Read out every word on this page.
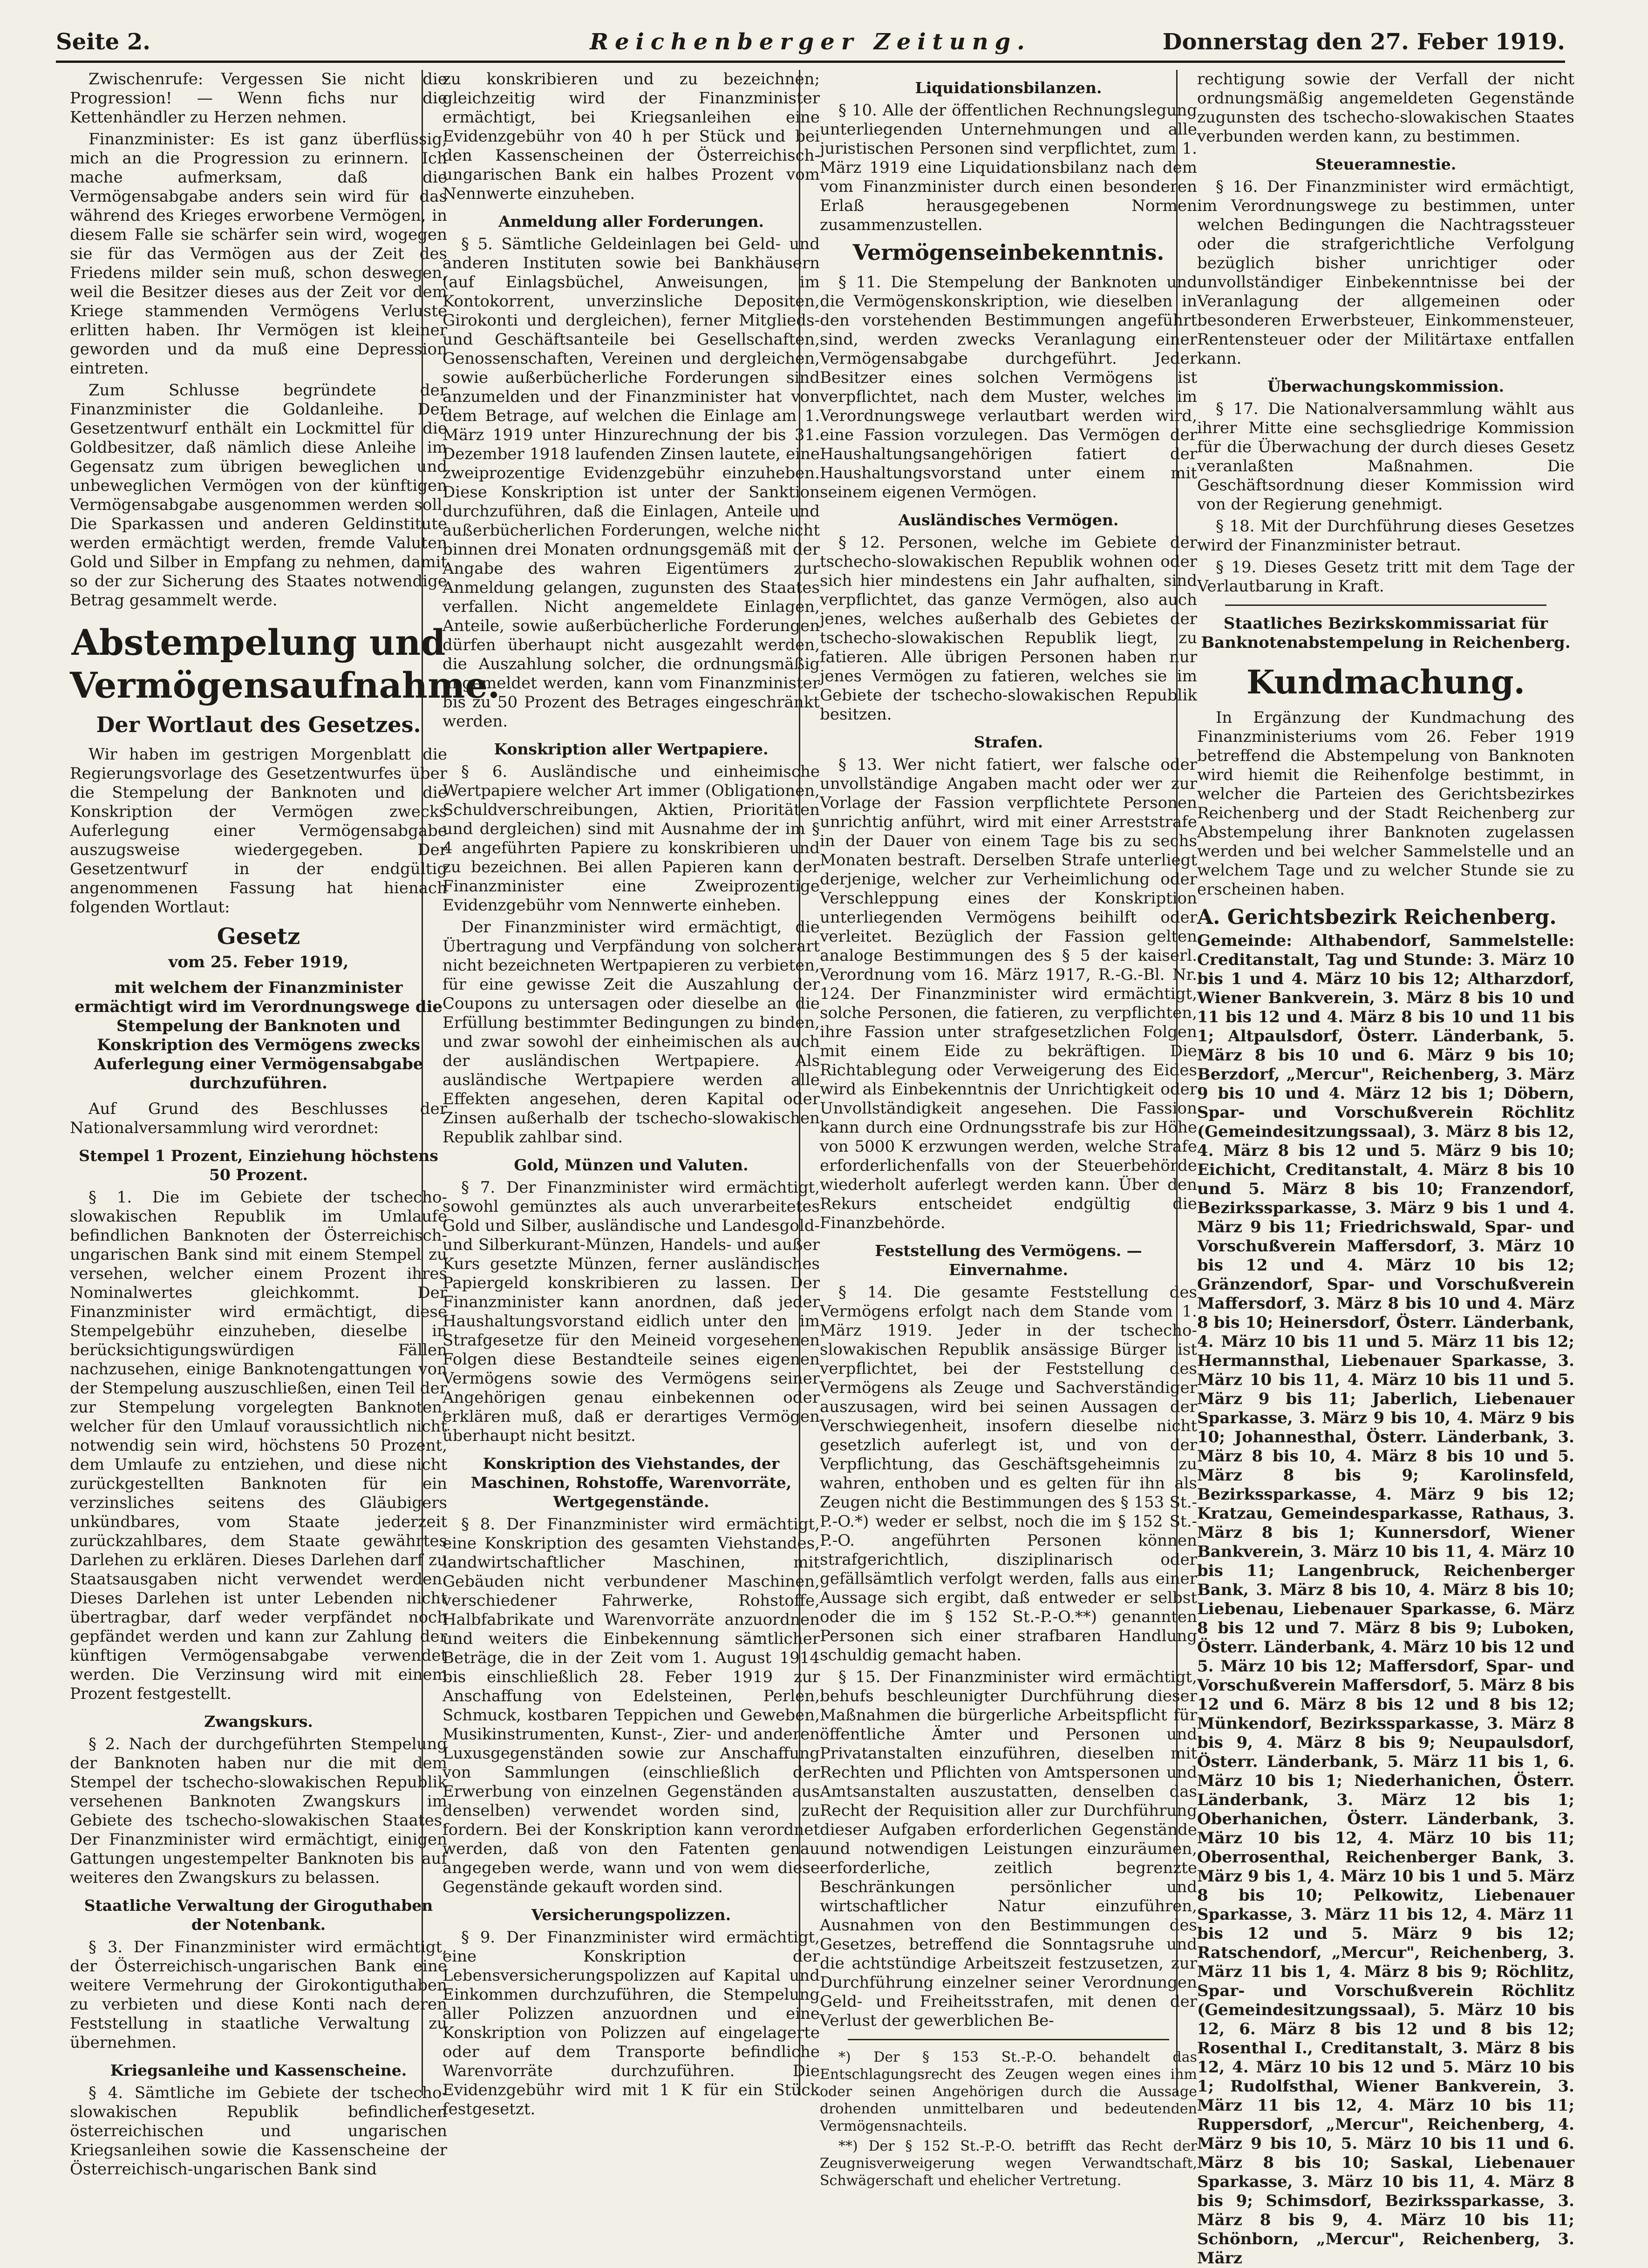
Reichenberger Zeitung.
Seite 2.	Donnerstag den 27. Feber 1919.

Zwischenrufe: Vergessen Sie nicht die Progression! — Wenn fichs nur die Kettenhändler zu Herzen nehmen.

Finanzminister: Es ist ganz überflüssig, mich an die Progression zu erinnern. Ich mache aufmerksam, daß die Vermögensabgabe anders sein wird für das während des Krieges erworbene Vermögen, in diesem Falle sie schärfer sein wird, wogegen sie für das Vermögen aus der Zeit des Friedens milder sein muß, schon deswegen, weil die Besitzer dieses aus der Zeit vor dem Kriege stammenden Vermögens Verluste erlitten haben. Ihr Vermögen ist kleiner geworden und da muß eine Depression eintreten.

Zum Schlusse begründete der Finanzminister die Goldanleihe. Der Gesetzentwurf enthält ein Lockmittel für die Goldbesitzer, daß nämlich diese Anleihe im Gegensatz zum übrigen beweglichen und unbeweglichen Vermögen von der künftigen Vermögensabgabe ausgenommen werden soll. Die Sparkassen und anderen Geldinstitute werden ermächtigt werden, fremde Valuten Gold und Silber in Empfang zu nehmen, damit so der zur Sicherung des Staates notwendige Betrag gesammelt werde.

Abstempelung und Vermögensaufnahme.
Der Wortlaut des Gesetzes.

Wir haben im gestrigen Morgenblatt die Regierungsvorlage des Gesetzentwurfes über die Stempelung der Banknoten und die Konskription der Vermögen zwecks Auferlegung einer Vermögensabgabe auszugsweise wiedergegeben. Der Gesetzentwurf in der endgültig angenommenen Fassung hat hienach folgenden Wortlaut:

Gesetz
vom 25. Feber 1919,

mit welchem der Finanzminister ermächtigt wird im Verordnungswege die Stempelung der Banknoten und Konskription des Vermögens zwecks Auferlegung einer Vermögensabgabe durchzuführen.

Auf Grund des Beschlusses der Nationalversammlung wird verordnet:

Stempel 1 Prozent, Einziehung höchstens 50 Prozent.

§ 1. Die im Gebiete der tschecho-slowakischen Republik im Umlaufe befindlichen Banknoten der Österreichisch-ungarischen Bank sind mit einem Stempel zu versehen, welcher einem Prozent ihres Nominalwertes gleichkommt. Der Finanzminister wird ermächtigt, diese Stempelgebühr einzuheben, dieselbe in berücksichtigungswürdigen Fällen nachzusehen, einige Banknotengattungen von der Stempelung auszuschließen, einen Teil der zur Stempelung vorgelegten Banknoten, welcher für den Umlauf voraussichtlich nicht notwendig sein wird, höchstens 50 Prozent, dem Umlaufe zu entziehen, und diese nicht zurückgestellten Banknoten für ein verzinsliches seitens des Gläubigers unkündbares, vom Staate jederzeit zurückzahlbares, dem Staate gewährtes Darlehen zu erklären. Dieses Darlehen darf zu Staatsausgaben nicht verwendet werden. Dieses Darlehen ist unter Lebenden nicht übertragbar, darf weder verpfändet noch gepfändet werden und kann zur Zahlung der künftigen Vermögensabgabe verwendet werden. Die Verzinsung wird mit einem Prozent festgestellt.

Zwangskurs.

§ 2. Nach der durchgeführten Stempelung der Banknoten haben nur die mit dem Stempel der tschecho-slowakischen Republik versehenen Banknoten Zwangskurs im Gebiete des tschecho-slowakischen Staates. Der Finanzminister wird ermächtigt, einigen Gattungen ungestempelter Banknoten bis auf weiteres den Zwangskurs zu belassen.

Staatliche Verwaltung der Giroguthaben der Notenbank.

§ 3. Der Finanzminister wird ermächtigt, der Österreichisch-ungarischen Bank eine weitere Vermehrung der Girokontiguthaben zu verbieten und diese Konti nach deren Feststellung in staatliche Verwaltung zu übernehmen.

Kriegsanleihe und Kassenscheine.

§ 4. Sämtliche im Gebiete der tschecho-slowakischen Republik befindlichen österreichischen und ungarischen Kriegsanleihen sowie die Kassenscheine der Österreichisch-ungarischen Bank sind

zu konskribieren und zu bezeichnen; gleichzeitig wird der Finanzminister ermächtigt, bei Kriegsanleihen eine Evidenzgebühr von 40 h per Stück und bei den Kassenscheinen der Österreichisch-ungarischen Bank ein halbes Prozent vom Nennwerte einzuheben.

Anmeldung aller Forderungen.

§ 5. Sämtliche Geldeinlagen bei Geld- und anderen Instituten sowie bei Bankhäusern (auf Einlagsbüchel, Anweisungen, im Kontokorrent, unverzinsliche Depositen, Girokonti und dergleichen), ferner Mitglieds- und Geschäftsanteile bei Gesellschaften, Genossenschaften, Vereinen und dergleichen, sowie außerbücherliche Forderungen sind anzumelden und der Finanzminister hat von dem Betrage, auf welchen die Einlage am 1. März 1919 unter Hinzurechnung der bis 31. Dezember 1918 laufenden Zinsen lautete, eine zweiprozentige Evidenzgebühr einzuheben. Diese Konskription ist unter der Sanktion durchzuführen, daß die Einlagen, Anteile und außerbücherlichen Forderungen, welche nicht binnen drei Monaten ordnungsgemäß mit der Angabe des wahren Eigentümers zur Anmeldung gelangen, zugunsten des Staates verfallen. Nicht angemeldete Einlagen, Anteile, sowie außerbücherliche Forderungen dürfen überhaupt nicht ausgezahlt werden, die Auszahlung solcher, die ordnungsmäßig angemeldet werden, kann vom Finanzminister bis zu 50 Prozent des Betrages eingeschränkt werden.

Konskription aller Wertpapiere.

§ 6. Ausländische und einheimische Wertpapiere welcher Art immer (Obligationen, Schuldverschreibungen, Aktien, Prioritäten und dergleichen) sind mit Ausnahme der im § 4 angeführten Papiere zu konskribieren und zu bezeichnen. Bei allen Papieren kann der Finanzminister eine Zweiprozentige Evidenzgebühr vom Nennwerte einheben.

Der Finanzminister wird ermächtigt, die Übertragung und Verpfändung von solcherart nicht bezeichneten Wertpapieren zu verbieten, für eine gewisse Zeit die Auszahlung der Coupons zu untersagen oder dieselbe an die Erfüllung bestimmter Bedingungen zu binden, und zwar sowohl der einheimischen als auch der ausländischen Wertpapiere. Als ausländische Wertpapiere werden alle Effekten angesehen, deren Kapital oder Zinsen außerhalb der tschecho-slowakischen Republik zahlbar sind.

Gold, Münzen und Valuten.

§ 7. Der Finanzminister wird ermächtigt, sowohl gemünztes als auch unverarbeitetes Gold und Silber, ausländische und Landesgold- und Silberkurant-Münzen, Handels- und außer Kurs gesetzte Münzen, ferner ausländisches Papiergeld konskribieren zu lassen. Der Finanzminister kann anordnen, daß jeder Haushaltungsvorstand eidlich unter den im Strafgesetze für den Meineid vorgesehenen Folgen diese Bestandteile seines eigenen Vermögens sowie des Vermögens seiner Angehörigen genau einbekennen oder erklären muß, daß er derartiges Vermögen überhaupt nicht besitzt.

Konskription des Viehstandes, der Maschinen, Rohstoffe, Warenvorräte, Wertgegenstände.

§ 8. Der Finanzminister wird ermächtigt, eine Konskription des gesamten Viehstandes, landwirtschaftlicher Maschinen, mit Gebäuden nicht verbundener Maschinen, verschiedener Fahrwerke, Rohstoffe, Halbfabrikate und Warenvorräte anzuordnen und weiters die Einbekennung sämtlicher Beträge, die in der Zeit vom 1. August 1914 bis einschließlich 28. Feber 1919 zur Anschaffung von Edelsteinen, Perlen, Schmuck, kostbaren Teppichen und Geweben, Musikinstrumenten, Kunst-, Zier- und anderen Luxusgegenständen sowie zur Anschaffung von Sammlungen (einschließlich der Erwerbung von einzelnen Gegenständen aus denselben) verwendet worden sind, zu fordern. Bei der Konskription kann verordnet werden, daß von den Fatenten genau angegeben werde, wann und von wem diese Gegenstände gekauft worden sind.

Versicherungspolizzen.

§ 9. Der Finanzminister wird ermächtigt, eine Konskription der Lebensversicherungspolizzen auf Kapital und Einkommen durchzuführen, die Stempelung aller Polizzen anzuordnen und eine Konskription von Polizzen auf eingelagerte oder auf dem Transporte befindliche Warenvorräte durchzuführen. Die Evidenzgebühr wird mit 1 K für ein Stück festgesetzt.

Liquidationsbilanzen.

§ 10. Alle der öffentlichen Rechnungslegung unterliegenden Unternehmungen und alle juristischen Personen sind verpflichtet, zum 1. März 1919 eine Liquidationsbilanz nach dem vom Finanzminister durch einen besonderen Erlaß herausgegebenen Normen zusammenzustellen.

Vermögenseinbekenntnis.

§ 11. Die Stempelung der Banknoten und die Vermögenskonskription, wie dieselben in den vorstehenden Bestimmungen angeführt sind, werden zwecks Veranlagung einer Vermögensabgabe durchgeführt. Jeder Besitzer eines solchen Vermögens ist verpflichtet, nach dem Muster, welches im Verordnungswege verlautbart werden wird, eine Fassion vorzulegen. Das Vermögen der Haushaltungsangehörigen fatiert der Haushaltungsvorstand unter einem mit seinem eigenen Vermögen.

Ausländisches Vermögen.

§ 12. Personen, welche im Gebiete der tschecho-slowakischen Republik wohnen oder sich hier mindestens ein Jahr aufhalten, sind verpflichtet, das ganze Vermögen, also auch jenes, welches außerhalb des Gebietes der tschecho-slowakischen Republik liegt, zu fatieren. Alle übrigen Personen haben nur jenes Vermögen zu fatieren, welches sie im Gebiete der tschecho-slowakischen Republik besitzen.

Strafen.

§ 13. Wer nicht fatiert, wer falsche oder unvollständige Angaben macht oder wer zur Vorlage der Fassion verpflichtete Personen unrichtig anführt, wird mit einer Arreststrafe in der Dauer von einem Tage bis zu sechs Monaten bestraft. Derselben Strafe unterliegt derjenige, welcher zur Verheimlichung oder Verschleppung eines der Konskription unterliegenden Vermögens beihilft oder verleitet. Bezüglich der Fassion gelten analoge Bestimmungen des § 5 der kaiserl. Verordnung vom 16. März 1917, R.-G.-Bl. Nr. 124. Der Finanzminister wird ermächtigt, solche Personen, die fatieren, zu verpflichten, ihre Fassion unter strafgesetzlichen Folgen mit einem Eide zu bekräftigen. Die Richtablegung oder Verweigerung des Eides wird als Einbekenntnis der Unrichtigkeit oder Unvollständigkeit angesehen. Die Fassion kann durch eine Ordnungsstrafe bis zur Höhe von 5000 K erzwungen werden, welche Strafe erforderlichenfalls von der Steuerbehörde wiederholt auferlegt werden kann. Über den Rekurs entscheidet endgültig die Finanzbehörde.

Feststellung des Vermögens. — Einvernahme.

§ 14. Die gesamte Feststellung des Vermögens erfolgt nach dem Stande vom 1. März 1919. Jeder in der tschecho-slowakischen Republik ansässige Bürger ist verpflichtet, bei der Feststellung des Vermögens als Zeuge und Sachverständiger auszusagen, wird bei seinen Aussagen der Verschwiegenheit, insofern dieselbe nicht gesetzlich auferlegt ist, und von der Verpflichtung, das Geschäftsgeheimnis zu wahren, enthoben und es gelten für ihn als Zeugen nicht die Bestimmungen des § 153 St.-P.-O.*) weder er selbst, noch die im § 152 St.-P.-O. angeführten Personen können strafgerichtlich, disziplinarisch oder gefällsämtlich verfolgt werden, falls aus einer Aussage sich ergibt, daß entweder er selbst oder die im § 152 St.-P.-O.**) genannten Personen sich einer strafbaren Handlung schuldig gemacht haben.

§ 15. Der Finanzminister wird ermächtigt, behufs beschleunigter Durchführung dieser Maßnahmen die bürgerliche Arbeitspflicht für öffentliche Ämter und Personen und Privatanstalten einzuführen, dieselben mit Rechten und Pflichten von Amtspersonen und Amtsanstalten auszustatten, denselben das Recht der Requisition aller zur Durchführung dieser Aufgaben erforderlichen Gegenstände und notwendigen Leistungen einzuräumen, erforderliche, zeitlich begrenzte Beschränkungen persönlicher und wirtschaftlicher Natur einzuführen, Ausnahmen von den Bestimmungen des Gesetzes, betreffend die Sonntagsruhe und die achtstündige Arbeitszeit festzusetzen, zur Durchführung einzelner seiner Verordnungen Geld- und Freiheitsstrafen, mit denen der Verlust der gewerblichen Be-

*) Der § 153 St.-P.-O. behandelt das Entschlagungsrecht des Zeugen wegen eines ihm oder seinen Angehörigen durch die Aussage drohenden unmittelbaren und bedeutenden Vermögensnachteils.

**) Der § 152 St.-P.-O. betrifft das Recht der Zeugnisverweigerung wegen Verwandtschaft, Schwägerschaft und ehelicher Vertretung.

rechtigung sowie der Verfall der nicht ordnungsmäßig angemeldeten Gegenstände zugunsten des tschecho-slowakischen Staates verbunden werden kann, zu bestimmen.

Steueramnestie.

§ 16. Der Finanzminister wird ermächtigt, im Verordnungswege zu bestimmen, unter welchen Bedingungen die Nachtragssteuer oder die strafgerichtliche Verfolgung bezüglich bisher unrichtiger oder unvollständiger Einbekenntnisse bei der Veranlagung der allgemeinen oder besonderen Erwerbsteuer, Einkommensteuer, Rentensteuer oder der Militärtaxe entfallen kann.

Überwachungskommission.

§ 17. Die Nationalversammlung wählt aus ihrer Mitte eine sechsgliedrige Kommission für die Überwachung der durch dieses Gesetz veranlaßten Maßnahmen. Die Geschäftsordnung dieser Kommission wird von der Regierung genehmigt.

§ 18. Mit der Durchführung dieses Gesetzes wird der Finanzminister betraut.

§ 19. Dieses Gesetz tritt mit dem Tage der Verlautbarung in Kraft.

Staatliches Bezirkskommissariat für Banknotenabstempelung in Reichenberg.
Kundmachung.

In Ergänzung der Kundmachung des Finanzministeriums vom 26. Feber 1919 betreffend die Abstempelung von Banknoten wird hiemit die Reihenfolge bestimmt, in welcher die Parteien des Gerichtsbezirkes Reichenberg und der Stadt Reichenberg zur Abstempelung ihrer Banknoten zugelassen werden und bei welcher Sammelstelle und an welchem Tage und zu welcher Stunde sie zu erscheinen haben.

A. Gerichtsbezirk Reichenberg.

Gemeinde: Althabendorf, Sammelstelle: Creditanstalt, Tag und Stunde: 3. März 10 bis 1 und 4. März 10 bis 12; Altharzdorf, Wiener Bankverein, 3. März 8 bis 10 und 11 bis 12 und 4. März 8 bis 10 und 11 bis 1; Altpaulsdorf, Österr. Länderbank, 5. März 8 bis 10 und 6. März 9 bis 10; Berzdorf, „Mercur", Reichenberg, 3. März 9 bis 10 und 4. März 12 bis 1; Döbern, Spar- und Vorschußverein Röchlitz (Gemeindesitzungssaal), 3. März 8 bis 12, 4. März 8 bis 12 und 5. März 9 bis 10; Eichicht, Creditanstalt, 4. März 8 bis 10 und 5. März 8 bis 10; Franzendorf, Bezirkssparkasse, 3. März 9 bis 1 und 4. März 9 bis 11; Friedrichswald, Spar- und Vorschußverein Maffersdorf, 3. März 10 bis 12 und 4. März 10 bis 12; Gränzendorf, Spar- und Vorschußverein Maffersdorf, 3. März 8 bis 10 und 4. März 8 bis 10; Heinersdorf, Österr. Länderbank, 4. März 10 bis 11 und 5. März 11 bis 12; Hermannsthal, Liebenauer Sparkasse, 3. März 10 bis 11, 4. März 10 bis 11 und 5. März 9 bis 11; Jaberlich, Liebenauer Sparkasse, 3. März 9 bis 10, 4. März 9 bis 10; Johannesthal, Österr. Länderbank, 3. März 8 bis 10, 4. März 8 bis 10 und 5. März 8 bis 9; Karolinsfeld, Bezirkssparkasse, 4. März 9 bis 12; Kratzau, Gemeindesparkasse, Rathaus, 3. März 8 bis 1; Kunnersdorf, Wiener Bankverein, 3. März 10 bis 11, 4. März 10 bis 11; Langenbruck, Reichenberger Bank, 3. März 8 bis 10, 4. März 8 bis 10; Liebenau, Liebenauer Sparkasse, 6. März 8 bis 12 und 7. März 8 bis 9; Luboken, Österr. Länderbank, 4. März 10 bis 12 und 5. März 10 bis 12; Maffersdorf, Spar- und Vorschußverein Maffersdorf, 5. März 8 bis 12 und 6. März 8 bis 12 und 8 bis 12; Münkendorf, Bezirkssparkasse, 3. März 8 bis 9, 4. März 8 bis 9; Neupaulsdorf, Österr. Länderbank, 5. März 11 bis 1, 6. März 10 bis 1; Niederhanichen, Österr. Länderbank, 3. März 12 bis 1; Oberhanichen, Österr. Länderbank, 3. März 10 bis 12, 4. März 10 bis 11; Oberrosenthal, Reichenberger Bank, 3. März 9 bis 1, 4. März 10 bis 1 und 5. März 8 bis 10; Pelkowitz, Liebenauer Sparkasse, 3. März 11 bis 12, 4. März 11 bis 12 und 5. März 9 bis 12; Ratschendorf, „Mercur", Reichenberg, 3. März 11 bis 1, 4. März 8 bis 9; Röchlitz, Spar- und Vorschußverein Röchlitz (Gemeindesitzungssaal), 5. März 10 bis 12, 6. März 8 bis 12 und 8 bis 12; Rosenthal I., Creditanstalt, 3. März 8 bis 12, 4. März 10 bis 12 und 5. März 10 bis 1; Rudolfsthal, Wiener Bankverein, 3. März 11 bis 12, 4. März 10 bis 11; Ruppersdorf, „Mercur", Reichenberg, 4. März 9 bis 10, 5. März 10 bis 11 und 6. März 8 bis 10; Saskal, Liebenauer Sparkasse, 3. März 10 bis 11, 4. März 8 bis 9; Schimsdorf, Bezirkssparkasse, 3. März 8 bis 9, 4. März 10 bis 11; Schönborn, „Mercur", Reichenberg, 3. März
